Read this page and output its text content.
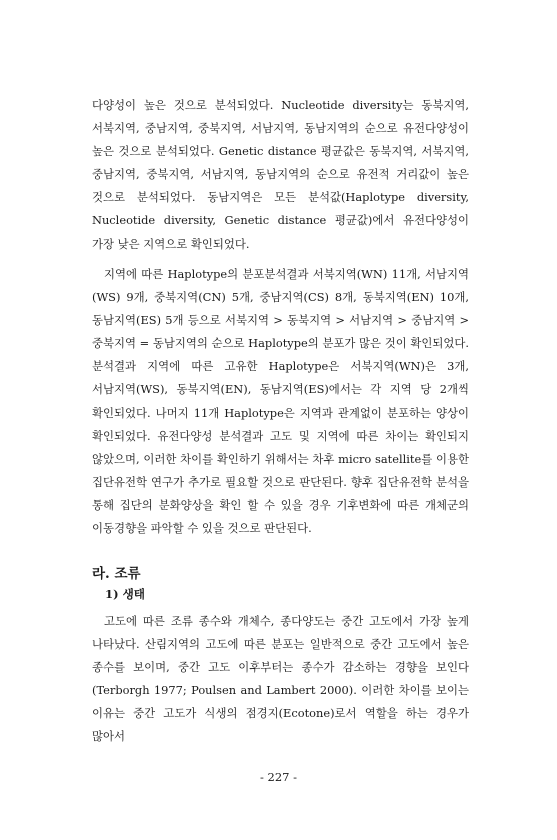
다양성이 높은 것으로 분석되었다. Nucleotide diversity는 동북지역, 서북지역, 중남지역, 중북지역, 서남지역, 동남지역의 순으로 유전다양성이 높은 것으로 분석되었다. Genetic distance 평균값은 동북지역, 서북지역, 중남지역, 중북지역, 서남지역, 동남지역의 순으로 유전적 거리값이 높은 것으로 분석되었다. 동남지역은 모든 분석값(Haplotype diversity, Nucleotide diversity, Genetic distance 평균값)에서 유전다양성이 가장 낮은 지역으로 확인되었다.

지역에 따른 Haplotype의 분포분석결과 서북지역(WN) 11개, 서남지역(WS) 9개, 중북지역(CN) 5개, 중남지역(CS) 8개, 동북지역(EN) 10개, 동남지역(ES) 5개 등으로 서북지역 > 동북지역 > 서남지역 > 중남지역 > 중북지역 = 동남지역의 순으로 Haplotype의 분포가 많은 것이 확인되었다. 분석결과 지역에 따른 고유한 Haplotype은 서북지역(WN)은 3개, 서남지역(WS), 동북지역(EN), 동남지역(ES)에서는 각 지역 당 2개씩 확인되었다. 나머지 11개 Haplotype은 지역과 관계없이 분포하는 양상이 확인되었다. 유전다양성 분석결과 고도 및 지역에 따른 차이는 확인되지 않았으며, 이러한 차이를 확인하기 위해서는 차후 micro satellite를 이용한 집단유전학 연구가 추가로 필요할 것으로 판단된다. 향후 집단유전학 분석을 통해 집단의 분화양상을 확인 할 수 있을 경우 기후변화에 따른 개체군의 이동경향을 파악할 수 있을 것으로 판단된다.

라. 조류
1) 생태

고도에 따른 조류 종수와 개체수, 종다양도는 중간 고도에서 가장 높게 나타났다. 산림지역의 고도에 따른 분포는 일반적으로 중간 고도에서 높은 종수를 보이며, 중간 고도 이후부터는 종수가 감소하는 경향을 보인다(Terborgh 1977; Poulsen and Lambert 2000). 이러한 차이를 보이는 이유는 중간 고도가 식생의 점경지(Ecotone)로서 역할을 하는 경우가 많아서

- 227 -
